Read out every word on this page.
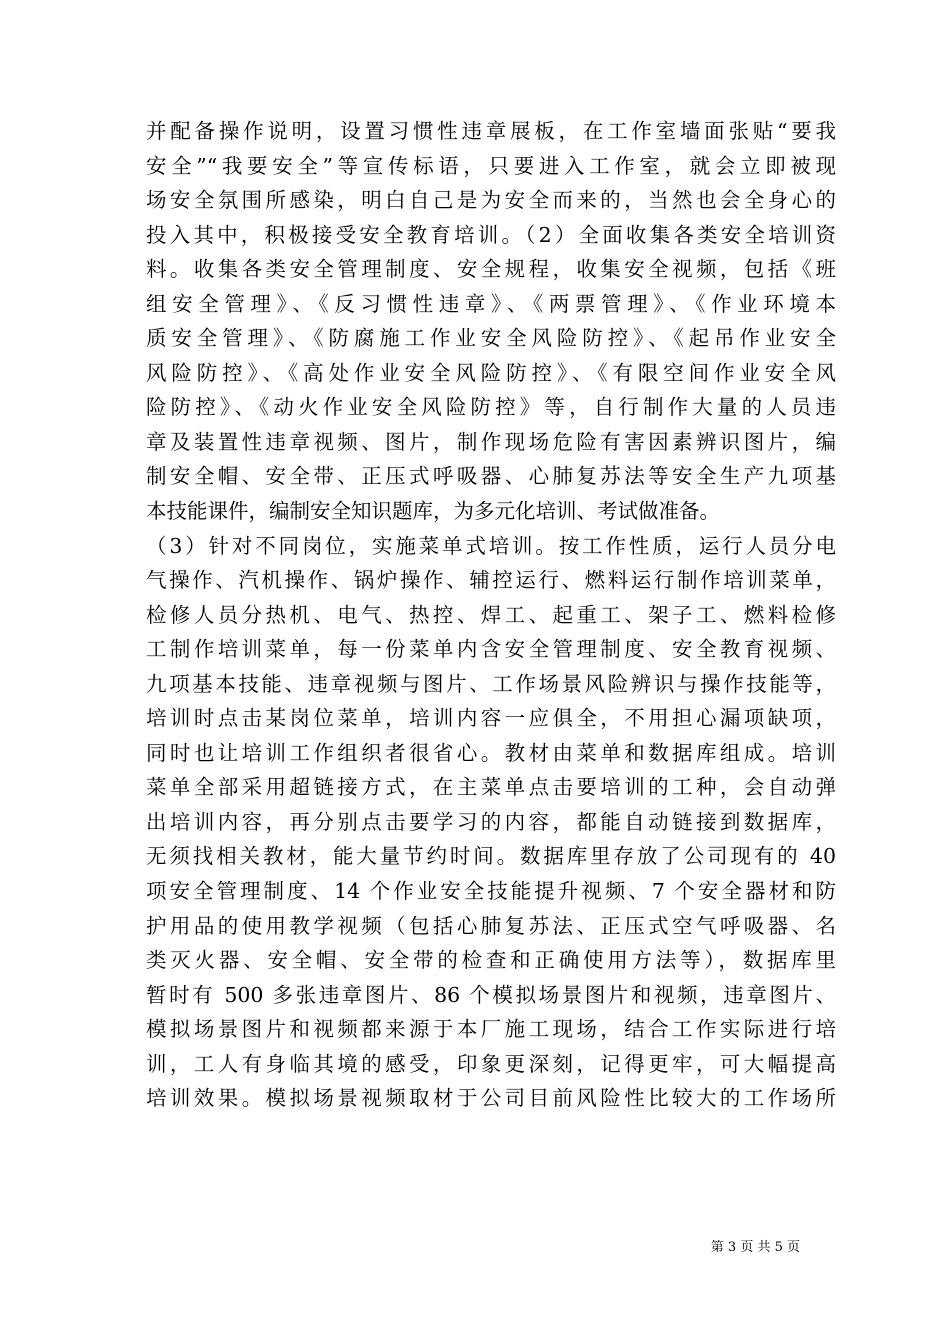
并配备操作说明，设置习惯性违章展板，在工作室墙面张贴“要我
安全”“我要安全”等宣传标语，只要进入工作室，就会立即被现
场安全氛围所感染，明白自己是为安全而来的，当然也会全身心的
投入其中，积极接受安全教育培训。（2）全面收集各类安全培训资
料。收集各类安全管理制度、安全规程，收集安全视频，包括《班
组安全管理》、《反习惯性违章》、《两票管理》、《作业环境本
质安全管理》、《防腐施工作业安全风险防控》、《起吊作业安全
风险防控》、《高处作业安全风险防控》、《有限空间作业安全风
险防控》、《动火作业安全风险防控》等，自行制作大量的人员违
章及装置性违章视频、图片，制作现场危险有害因素辨识图片，编
制安全帽、安全带、正压式呼吸器、心肺复苏法等安全生产九项基
本技能课件，编制安全知识题库，为多元化培训、考试做准备。
（3）针对不同岗位，实施菜单式培训。按工作性质，运行人员分电
气操作、汽机操作、锅炉操作、辅控运行、燃料运行制作培训菜单，
检修人员分热机、电气、热控、焊工、起重工、架子工、燃料检修
工制作培训菜单，每一份菜单内含安全管理制度、安全教育视频、
九项基本技能、违章视频与图片、工作场景风险辨识与操作技能等，
培训时点击某岗位菜单，培训内容一应俱全，不用担心漏项缺项，
同时也让培训工作组织者很省心。教材由菜单和数据库组成。培训
菜单全部采用超链接方式，在主菜单点击要培训的工种，会自动弹
出培训内容，再分别点击要学习的内容，都能自动链接到数据库，
无须找相关教材，能大量节约时间。数据库里存放了公司现有的 40
项安全管理制度、14 个作业安全技能提升视频、7 个安全器材和防
护用品的使用教学视频（包括心肺复苏法、正压式空气呼吸器、名
类灭火器、安全帽、安全带的检查和正确使用方法等），数据库里
暂时有 500 多张违章图片、86 个模拟场景图片和视频，违章图片、
模拟场景图片和视频都来源于本厂施工现场，结合工作实际进行培
训，工人有身临其境的感受，印象更深刻，记得更牢，可大幅提高
培训效果。模拟场景视频取材于公司目前风险性比较大的工作场所
第 3 页 共 5 页
